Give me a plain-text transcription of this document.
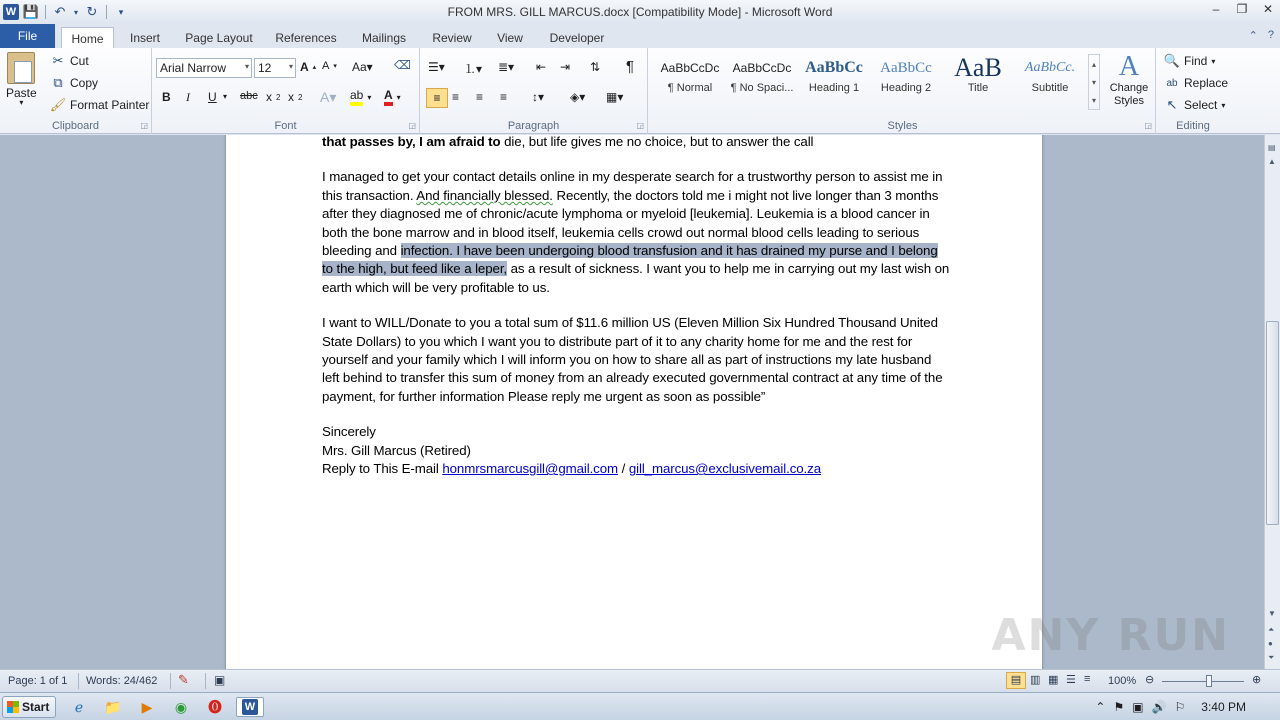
W 💾 ↶	▾ ↻	▾	FROM MRS. GILL MARCUS.docx [Compatibility Mode] - Microsoft Word	– ❐ ✕
File	Home	Insert	Page Layout	References	Mailings	Review	View	Developer	⌃ ?
Paste
▾
✂ Cut
⧉ Copy
🖌 Format Painter
Clipboard	◲
Arial Narrow ▾ 12 ▾ A ▴ A ▾ Aa▾ ⌫
B I U ▾ abc x 2 x 2 A▾ ab ▾ A ▾
Font	◲
☰▾ ⒈▾ ≣▾ ⇤ ⇥ ⇅ ¶
≡ ≡ ≡ ≡ ↕▾ ◈▾ ▦▾
Paragraph	◲
AaBbCcDc
¶ Normal
AaBbCcDc
¶ No Spaci...
AaBbCc
Heading 1
AaBbCc
Heading 2
AaB
Title
AaBbCc.
Subtitle
▴
▾
▾
A
Change Styles
Styles	◲
🔍 Find ▾
ab Replace
↖ Select ▾
Editing

that passes by, I am afraid to die, but life gives me no choice, but to answer the call

I managed to get your contact details online in my desperate search for a trustworthy person to assist me in this transaction. And financially blessed. Recently, the doctors told me i might not live longer than 3 months after they diagnosed me of chronic/acute lymphoma or myeloid [leukemia]. Leukemia is a blood cancer in both the bone marrow and in blood itself, leukemia cells crowd out normal blood cells leading to serious bleeding and infection. I have been undergoing blood transfusion and it has drained my purse and I belong to the high, but feed like a leper, as a result of sickness. I want you to help me in carrying out my last wish on earth which will be very profitable to us.

I want to WILL/Donate to you a total sum of $11.6 million US (Eleven Million Six Hundred Thousand United State Dollars) to you which I want you to distribute part of it to any charity home for me and the rest for yourself and your family which I will inform you on how to share all as part of instructions my late husband left behind to transfer this sum of money from an already executed governmental contract at any time of the payment, for further information Please reply me urgent as soon as possible”

Sincerely

Mrs. Gill Marcus (Retired)

Reply to This E-mail honmrsmarcusgill@gmail.com / gill_marcus@exclusivemail.co.za

ANY RUN
▤
▲
▼
⏶
●
⏷
Page: 1 of 1 Words: 24/462 ✎ ▣	▤ ▥ ▦ ☰ ≡ 100% ⊖	⊕
Start	ℯ	📁	▶	◉	⓿	W	⌃ ⚑ ▣ 🔊 ⚐ 3:40 PM
